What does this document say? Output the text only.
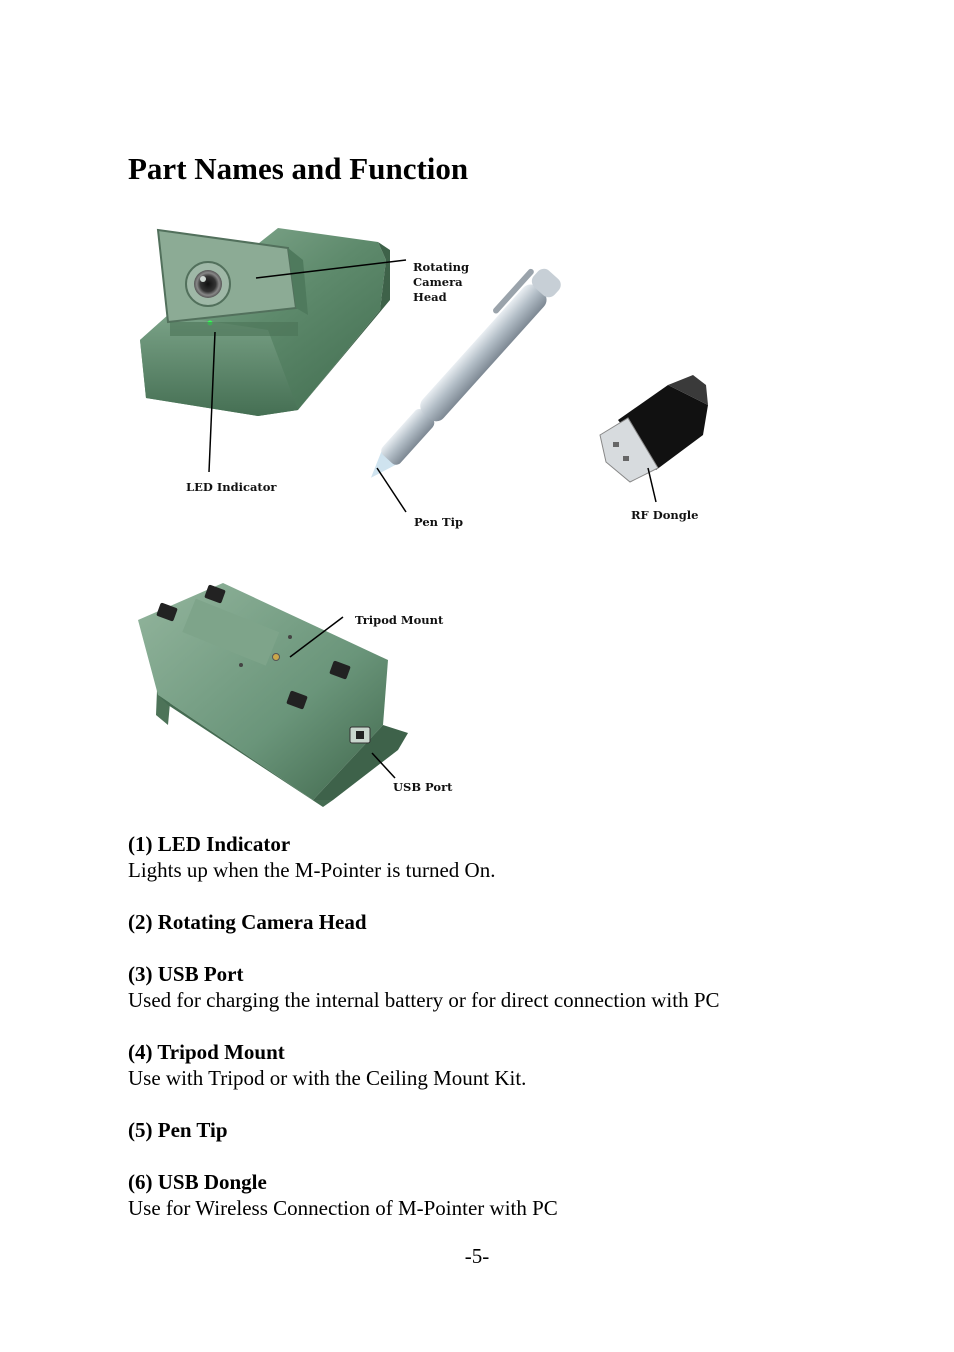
Part Names and Function
Rotating
Camera
Head
LED Indicator
Pen Tip	RF Dongle
Tripod Mount
USB Port

(1) LED Indicator

Lights up when the M-Pointer is turned On.

(2) Rotating Camera Head

(3) USB Port

Used for charging the internal battery or for direct connection with PC

(4) Tripod Mount

Use with Tripod or with the Ceiling Mount Kit.

(5) Pen Tip

(6) USB Dongle

Use for Wireless Connection of M-Pointer with PC

-5-
